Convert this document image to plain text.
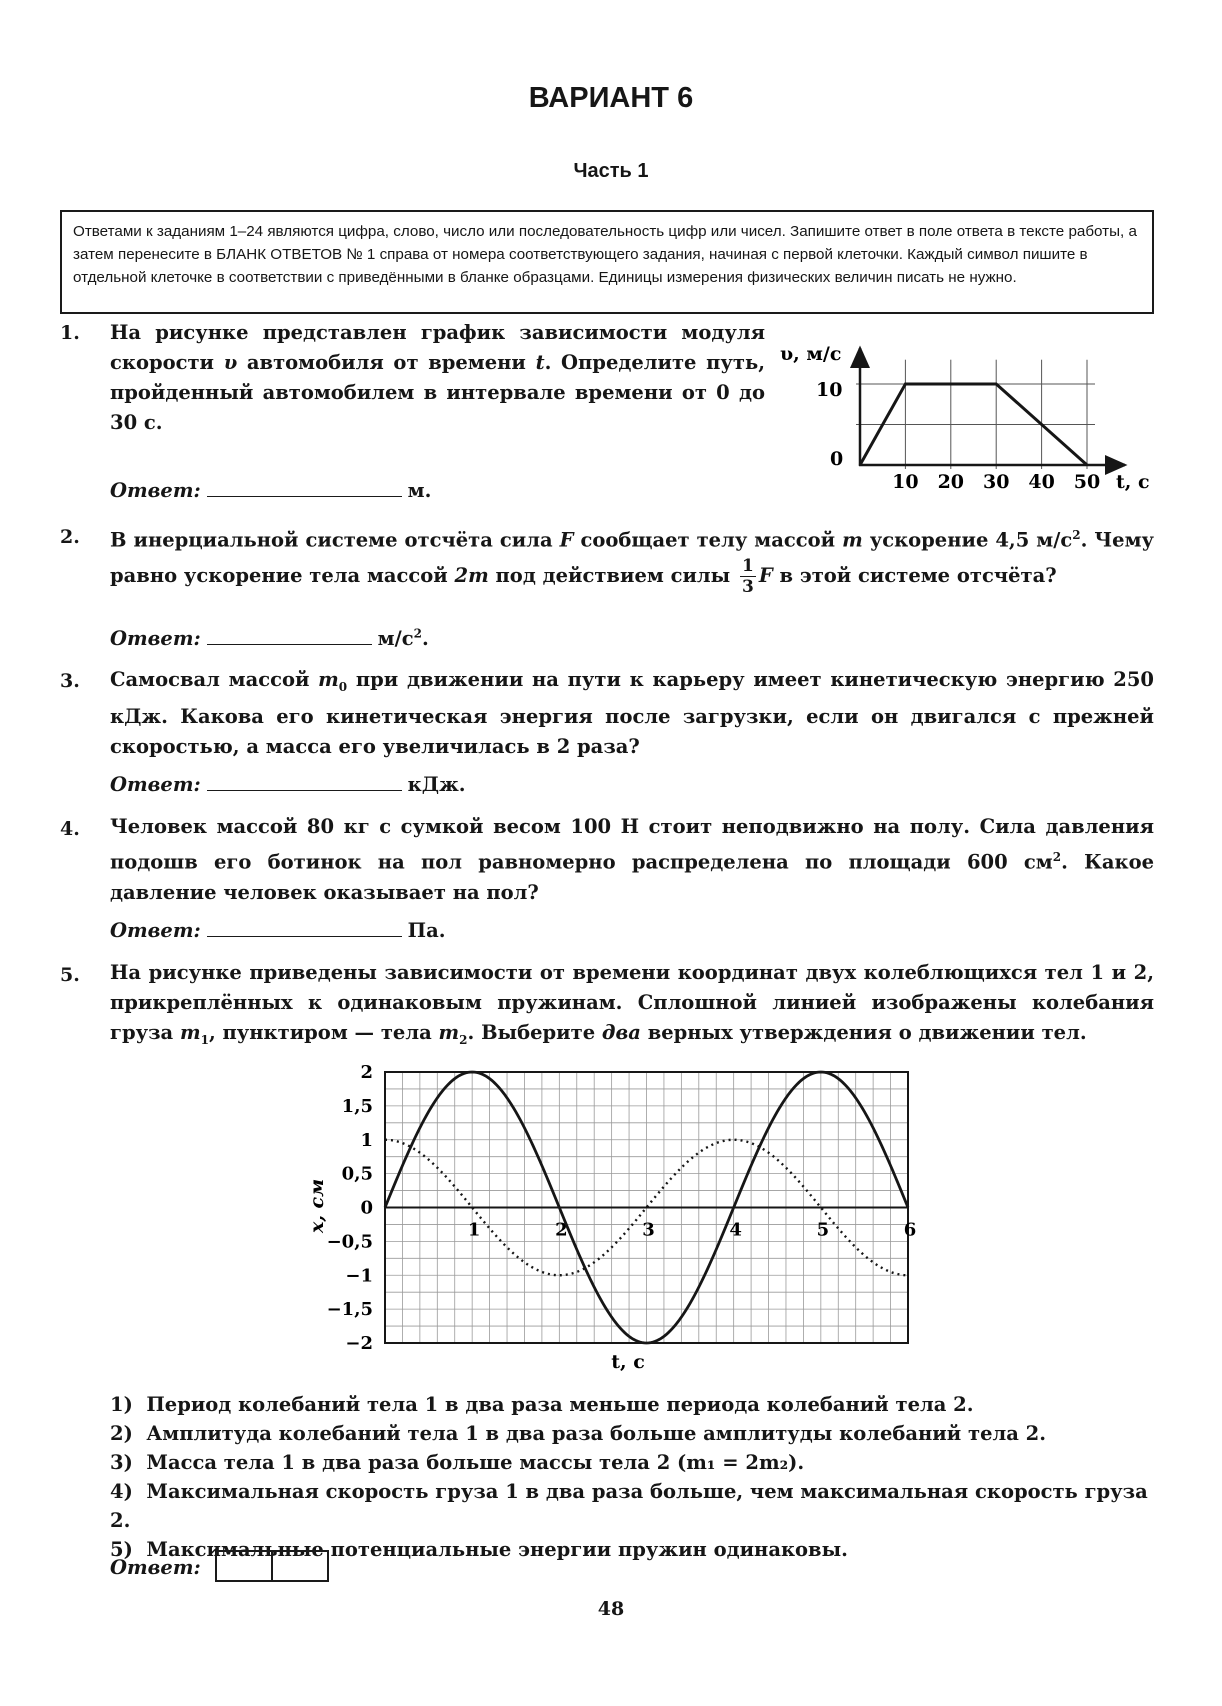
ВАРИАНТ 6
Часть 1
Ответами к заданиям 1–24 являются цифра, слово, число или последовательность цифр или чисел. Запишите ответ в поле ответа в тексте работы, а затем перенесите в БЛАНК ОТВЕТОВ № 1 справа от номера соответствующего задания, начиная с первой клеточки. Каждый символ пишите в отдельной клеточке в соответствии с приведёнными в бланке образцами. Единицы измерения физических величин писать не нужно.
1. На рисунке представлен график зависимости модуля скорости υ автомобиля от времени t. Определите путь, пройденный автомобилем в интервале времени от 0 до 30 с.
Ответ:	м.
υ, м/с
10
0
10 20 30 40 50 t, с
2. В инерциальной системе отсчёта сила F сообщает телу массой m ускорение 4,5 $м/с^2$. Чему равно ускорение тела массой 2m под действием силы $\frac{1}{3}$ F в этой системе отсчёта?
Ответ:	$м/с^2$.
3. Самосвал массой $m_0$ при движении на пути к карьеру имеет кинетическую энергию 250 кДж. Какова его кинетическая энергия после загрузки, если он двигался с прежней скоростью, а масса его увеличилась в 2 раза?
Ответ:	кДж.
4. Человек массой 80 кг с сумкой весом 100 Н стоит неподвижно на полу. Сила давления подошв его ботинок на пол равномерно распределена по площади 600 $см^2$. Какое давление человек оказывает на пол?
Ответ:	Па.
5. На рисунке приведены зависимости от времени координат двух колеблющихся тел 1 и 2, прикреплённых к одинаковым пружинам. Сплошной линией изображены колебания груза $m_1$, пунктиром — тела $m_2$. Выберите два верных утверждения о движении тел.
2
1,5
1
0,5
0
−0,5
−1
−1,5
−2
1	2	3	4	5	6
x, см
t, с
1) Период колебаний тела 1 в два раза меньше периода колебаний тела 2.
2) Амплитуда колебаний тела 1 в два раза больше амплитуды колебаний тела 2.
3) Масса тела 1 в два раза больше массы тела 2 (m₁ = 2m₂).
4) Максимальная скорость груза 1 в два раза больше, чем максимальная скорость груза 2.
5) Максимальные потенциальные энергии пружин одинаковы.
Ответ:
48
